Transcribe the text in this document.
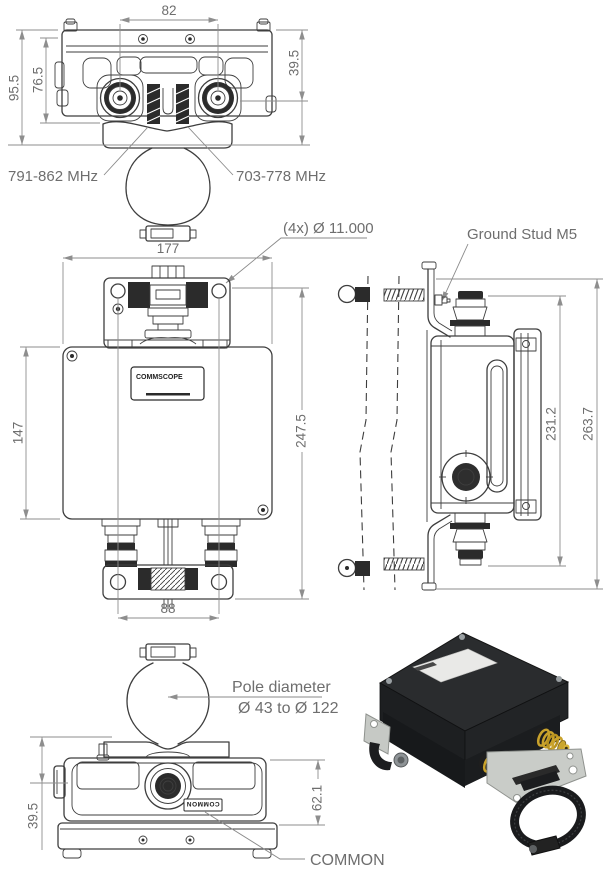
82
95.5 76.5
39.5
791-862 MHz	703-778 MHz
(4x) Ø 11.000	Ground Stud M5
COMMSCOPE
177
147	247.5
88
231.2 263.7
COMMON
39.5
62.1
Pole diameter
Ø 43 to Ø 122
COMMON
